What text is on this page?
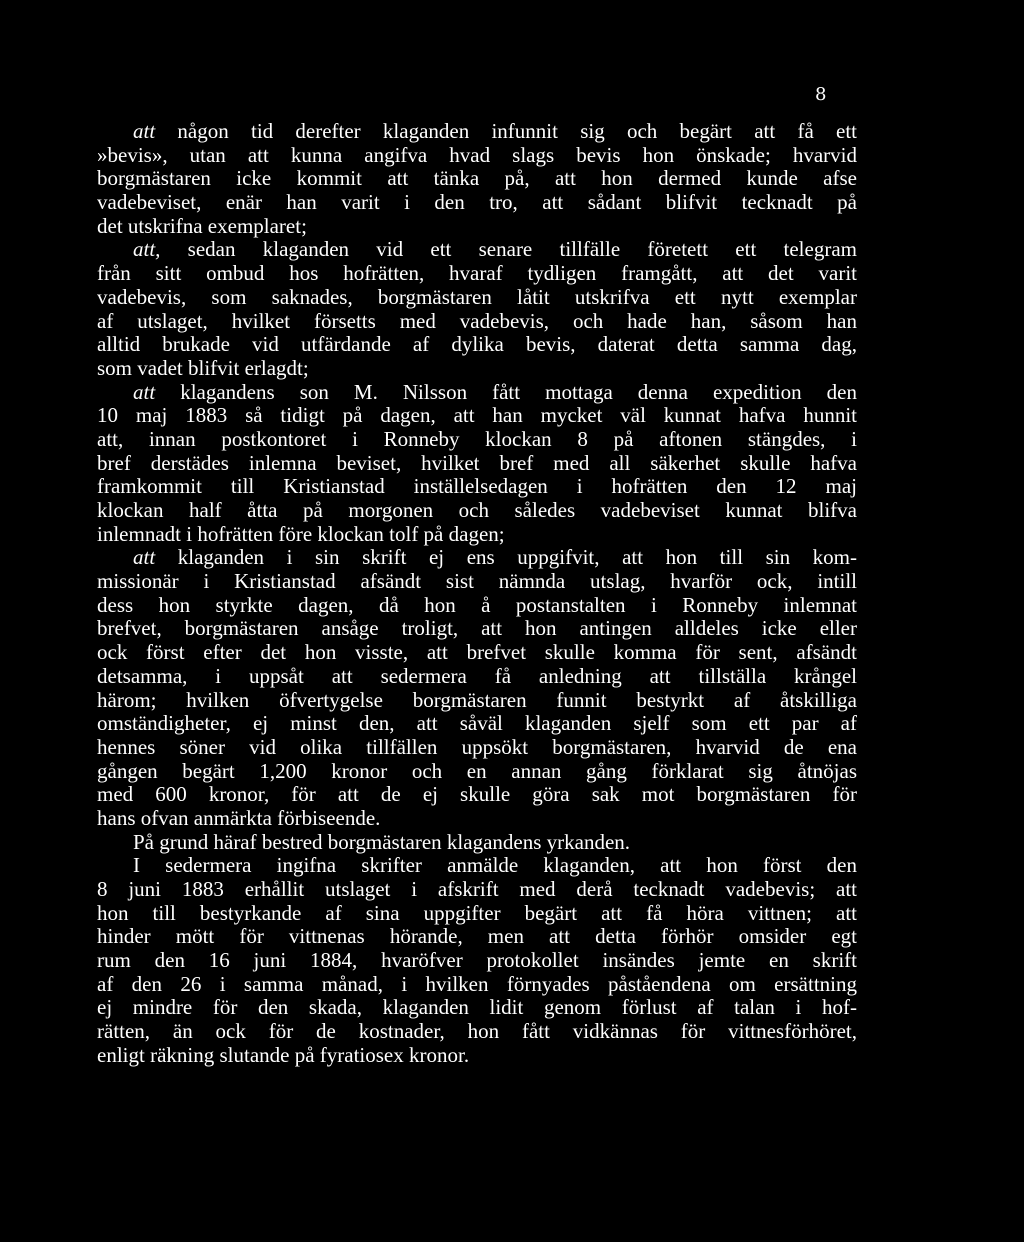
8
att någon tid derefter klaganden infunnit sig och begärt att få ett
»bevis», utan att kunna angifva hvad slags bevis hon önskade; hvarvid
borgmästaren icke kommit att tänka på, att hon dermed kunde afse
vadebeviset, enär han varit i den tro, att sådant blifvit tecknadt på
det utskrifna exemplaret;
att, sedan klaganden vid ett senare tillfälle företett ett telegram
från sitt ombud hos hofrätten, hvaraf tydligen framgått, att det varit
vadebevis, som saknades, borgmästaren låtit utskrifva ett nytt exemplar
af utslaget, hvilket försetts med vadebevis, och hade han, såsom han
alltid brukade vid utfärdande af dylika bevis, daterat detta samma dag,
som vadet blifvit erlagdt;
att klagandens son M. Nilsson fått mottaga denna expedition den
10 maj 1883 så tidigt på dagen, att han mycket väl kunnat hafva hunnit
att, innan postkontoret i Ronneby klockan 8 på aftonen stängdes, i
bref derstädes inlemna beviset, hvilket bref med all säkerhet skulle hafva
framkommit till Kristianstad inställelsedagen i hofrätten den 12 maj
klockan half åtta på morgonen och således vadebeviset kunnat blifva
inlemnadt i hofrätten före klockan tolf på dagen;
att klaganden i sin skrift ej ens uppgifvit, att hon till sin kom-
missionär i Kristianstad afsändt sist nämnda utslag, hvarför ock, intill
dess hon styrkte dagen, då hon å postanstalten i Ronneby inlemnat
brefvet, borgmästaren ansåge troligt, att hon antingen alldeles icke eller
ock först efter det hon visste, att brefvet skulle komma för sent, afsändt
detsamma, i uppsåt att sedermera få anledning att tillställa krångel
härom; hvilken öfvertygelse borgmästaren funnit bestyrkt af åtskilliga
omständigheter, ej minst den, att såväl klaganden sjelf som ett par af
hennes söner vid olika tillfällen uppsökt borgmästaren, hvarvid de ena
gången begärt 1,200 kronor och en annan gång förklarat sig åtnöjas
med 600 kronor, för att de ej skulle göra sak mot borgmästaren för
hans ofvan anmärkta förbiseende.
På grund häraf bestred borgmästaren klagandens yrkanden.
I sedermera ingifna skrifter anmälde klaganden, att hon först den
8 juni 1883 erhållit utslaget i afskrift med derå tecknadt vadebevis; att
hon till bestyrkande af sina uppgifter begärt att få höra vittnen; att
hinder mött för vittnenas hörande, men att detta förhör omsider egt
rum den 16 juni 1884, hvaröfver protokollet insändes jemte en skrift
af den 26 i samma månad, i hvilken förnyades påståendena om ersättning
ej mindre för den skada, klaganden lidit genom förlust af talan i hof-
rätten, än ock för de kostnader, hon fått vidkännas för vittnesförhöret,
enligt räkning slutande på fyratiosex kronor.
